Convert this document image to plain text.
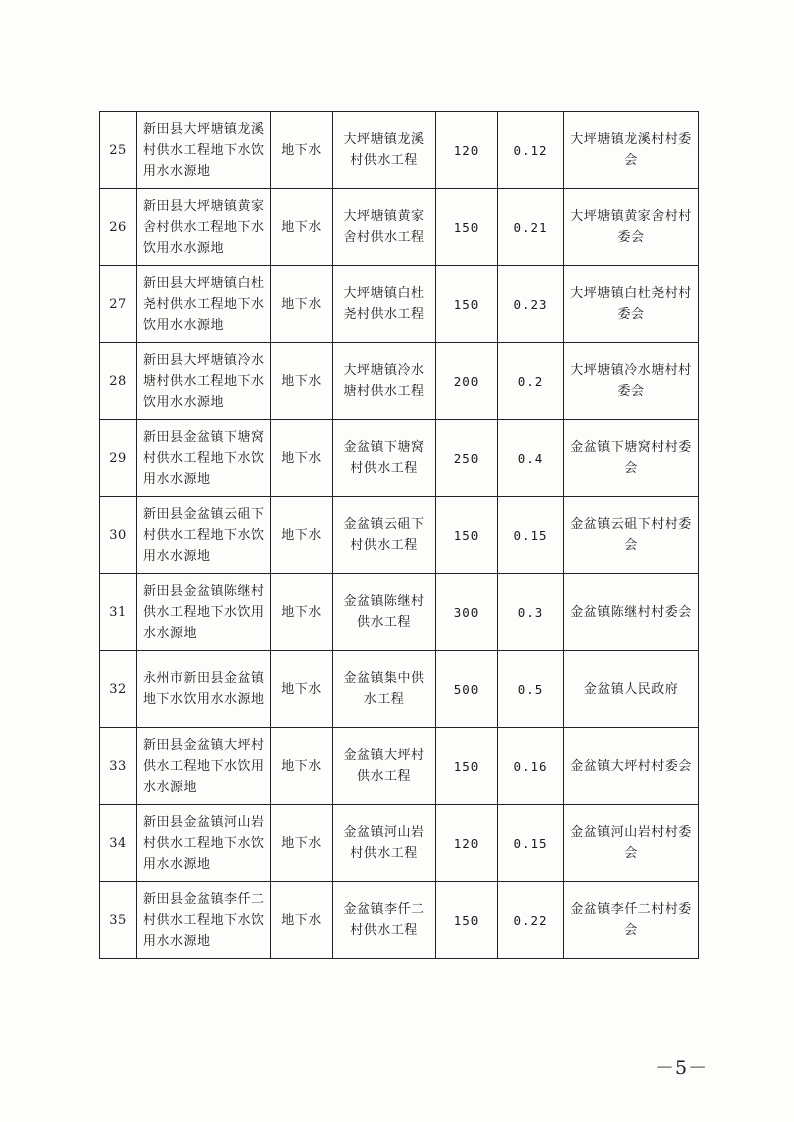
25	新田县大坪塘镇龙溪村供水工程地下水饮用水水源地	地下水	大坪塘镇龙溪村供水工程	120	0.12	大坪塘镇龙溪村村委会
26	新田县大坪塘镇黄家舍村供水工程地下水饮用水水源地	地下水	大坪塘镇黄家舍村供水工程	150	0.21	大坪塘镇黄家舍村村委会
27	新田县大坪塘镇白杜尧村供水工程地下水饮用水水源地	地下水	大坪塘镇白杜尧村供水工程	150	0.23	大坪塘镇白杜尧村村委会
28	新田县大坪塘镇冷水塘村供水工程地下水饮用水水源地	地下水	大坪塘镇冷水塘村供水工程	200	0.2	大坪塘镇冷水塘村村委会
29	新田县金盆镇下塘窝村供水工程地下水饮用水水源地	地下水	金盆镇下塘窝村供水工程	250	0.4	金盆镇下塘窝村村委会
30	新田县金盆镇云砠下村供水工程地下水饮用水水源地	地下水	金盆镇云砠下村供水工程	150	0.15	金盆镇云砠下村村委会
31	新田县金盆镇陈继村供水工程地下水饮用水水源地	地下水	金盆镇陈继村供水工程	300	0.3	金盆镇陈继村村委会
32	永州市新田县金盆镇地下水饮用水水源地	地下水	金盆镇集中供水工程	500	0.5	金盆镇人民政府
33	新田县金盆镇大坪村供水工程地下水饮用水水源地	地下水	金盆镇大坪村供水工程	150	0.16	金盆镇大坪村村委会
34	新田县金盆镇河山岩村供水工程地下水饮用水水源地	地下水	金盆镇河山岩村供水工程	120	0.15	金盆镇河山岩村村委会
35	新田县金盆镇李仟二村供水工程地下水饮用水水源地	地下水	金盆镇李仟二村供水工程	150	0.22	金盆镇李仟二村村委会
－5－
